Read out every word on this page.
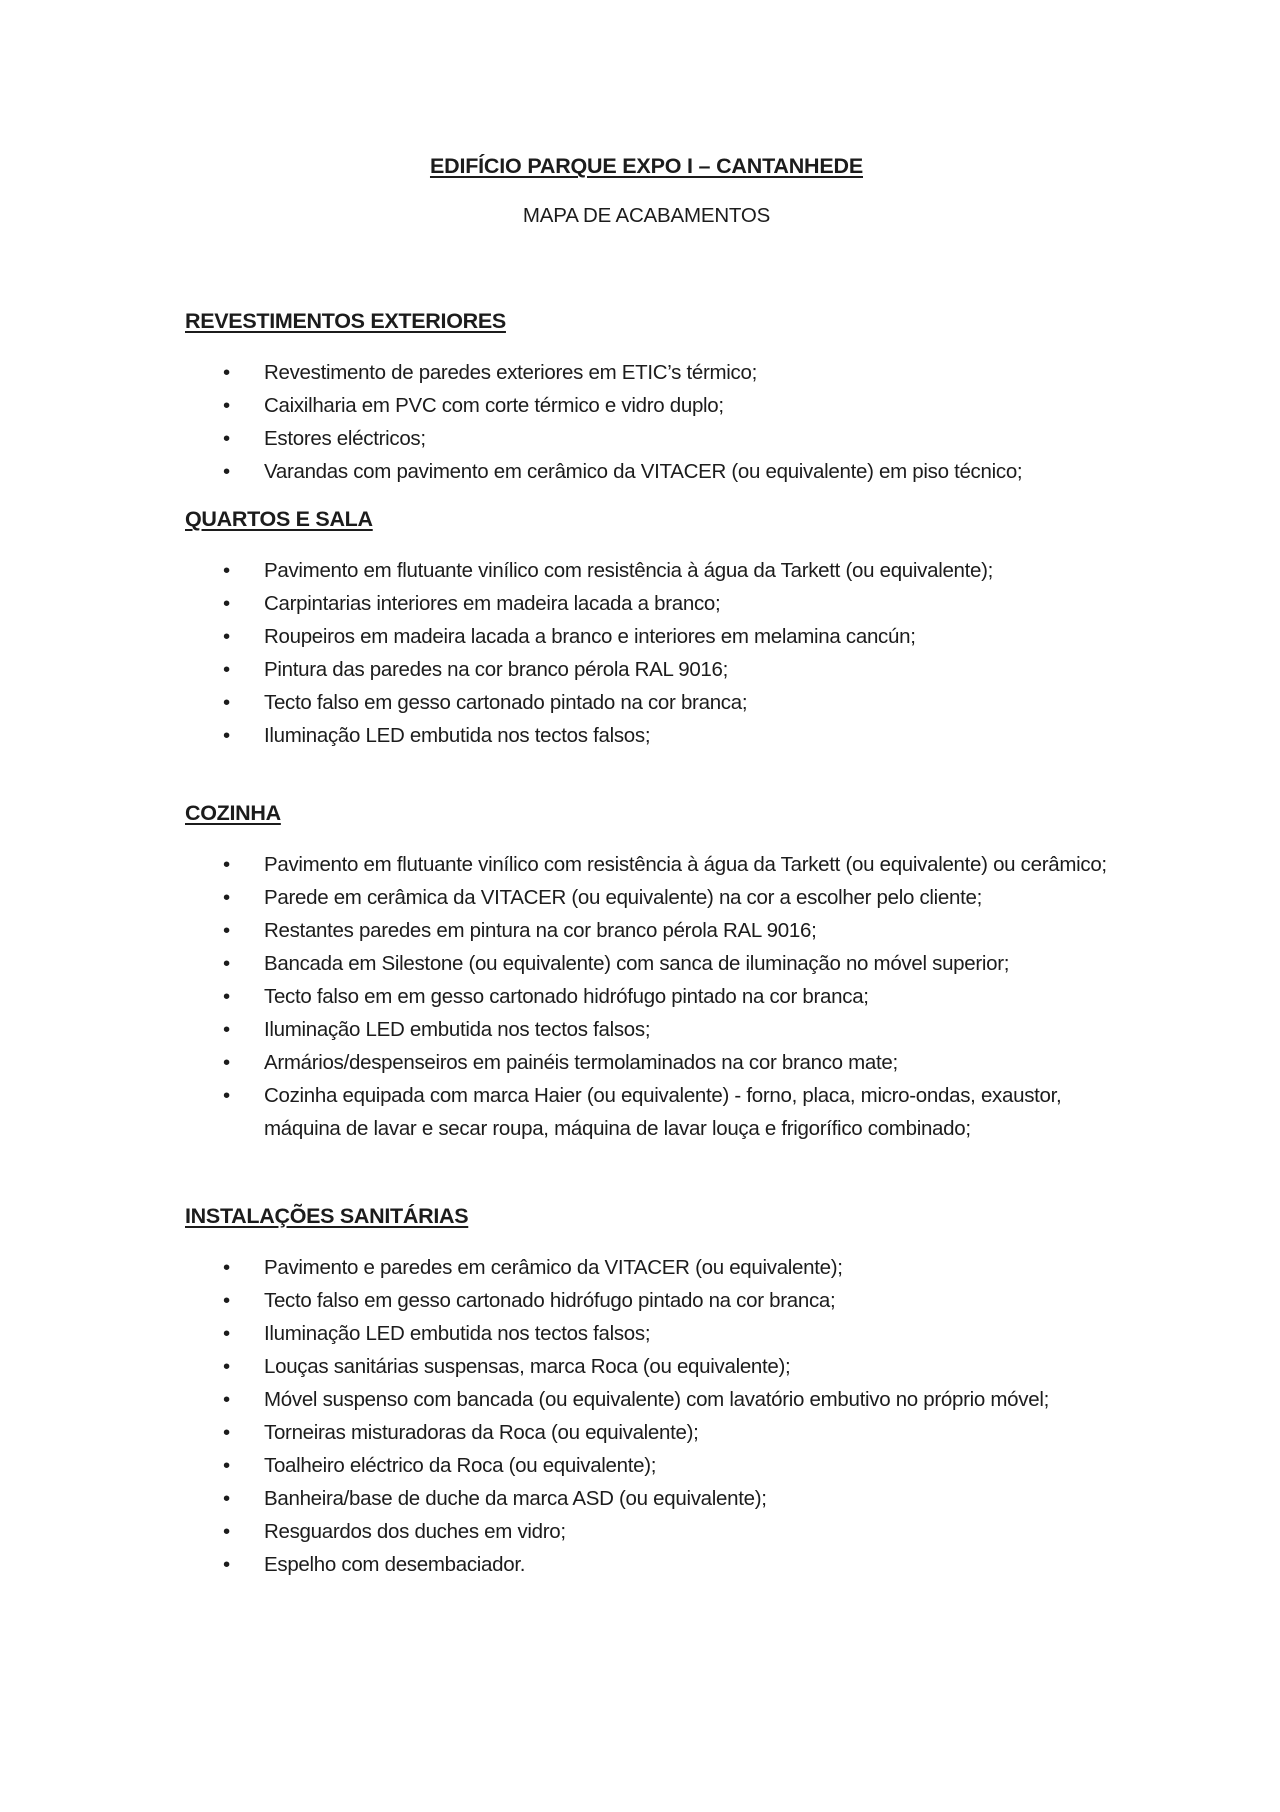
EDIFÍCIO PARQUE EXPO I – CANTANHEDE
MAPA DE ACABAMENTOS
REVESTIMENTOS EXTERIORES
• Revestimento de paredes exteriores em ETIC’s térmico;
• Caixilharia em PVC com corte térmico e vidro duplo;
• Estores eléctricos;
• Varandas com pavimento em cerâmico da VITACER (ou equivalente) em piso técnico;
QUARTOS E SALA
• Pavimento em flutuante vinílico com resistência à água da Tarkett (ou equivalente);
• Carpintarias interiores em madeira lacada a branco;
• Roupeiros em madeira lacada a branco e interiores em melamina cancún;
• Pintura das paredes na cor branco pérola RAL 9016;
• Tecto falso em gesso cartonado pintado na cor branca;
• Iluminação LED embutida nos tectos falsos;
COZINHA
• Pavimento em flutuante vinílico com resistência à água da Tarkett (ou equivalente) ou cerâmico;
• Parede em cerâmica da VITACER (ou equivalente) na cor a escolher pelo cliente;
• Restantes paredes em pintura na cor branco pérola RAL 9016;
• Bancada em Silestone (ou equivalente) com sanca de iluminação no móvel superior;
• Tecto falso em em gesso cartonado hidrófugo pintado na cor branca;
• Iluminação LED embutida nos tectos falsos;
• Armários/despenseiros em painéis termolaminados na cor branco mate;
• Cozinha equipada com marca Haier (ou equivalente) - forno, placa, micro-ondas, exaustor, máquina de lavar e secar roupa, máquina de lavar louça e frigorífico combinado;
INSTALAÇÕES SANITÁRIAS
• Pavimento e paredes em cerâmico da VITACER (ou equivalente);
• Tecto falso em gesso cartonado hidrófugo pintado na cor branca;
• Iluminação LED embutida nos tectos falsos;
• Louças sanitárias suspensas, marca Roca (ou equivalente);
• Móvel suspenso com bancada (ou equivalente) com lavatório embutivo no próprio móvel;
• Torneiras misturadoras da Roca (ou equivalente);
• Toalheiro eléctrico da Roca (ou equivalente);
• Banheira/base de duche da marca ASD (ou equivalente);
• Resguardos dos duches em vidro;
• Espelho com desembaciador.
